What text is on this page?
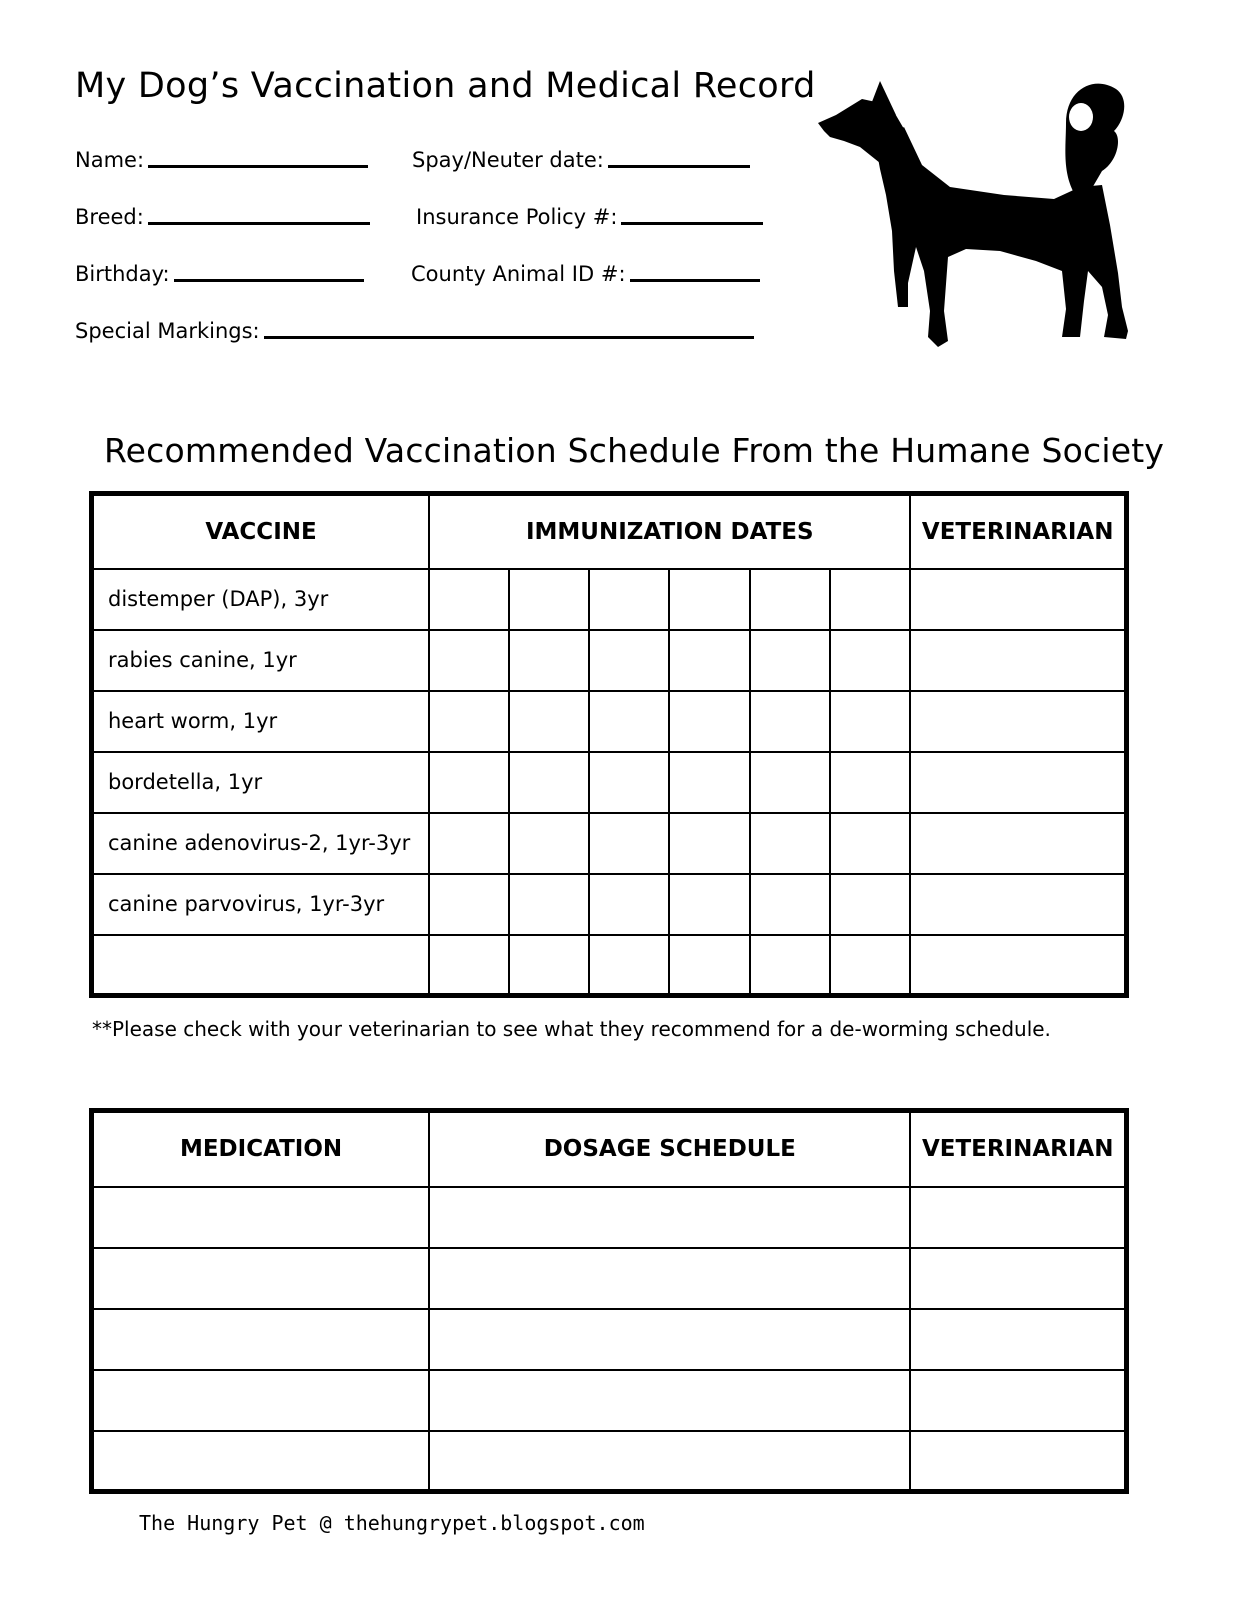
My Dog’s Vaccination and Medical Record
Name:	Spay/Neuter date:
Breed:	Insurance Policy #:
Birthday:	County Animal ID #:
Special Markings:
Recommended Vaccination Schedule From the Humane Society
VACCINE	IMMUNIZATION DATES						VETERINARIAN
distemper (DAP), 3yr							
rabies canine, 1yr							
heart worm, 1yr							
bordetella, 1yr							
canine adenovirus-2, 1yr-3yr							
canine parvovirus, 1yr-3yr							

**Please check with your veterinarian to see what they recommend for a de-worming schedule.
MEDICATION	DOSAGE SCHEDULE	VETERINARIAN

The Hungry Pet @ thehungrypet.blogspot.com
